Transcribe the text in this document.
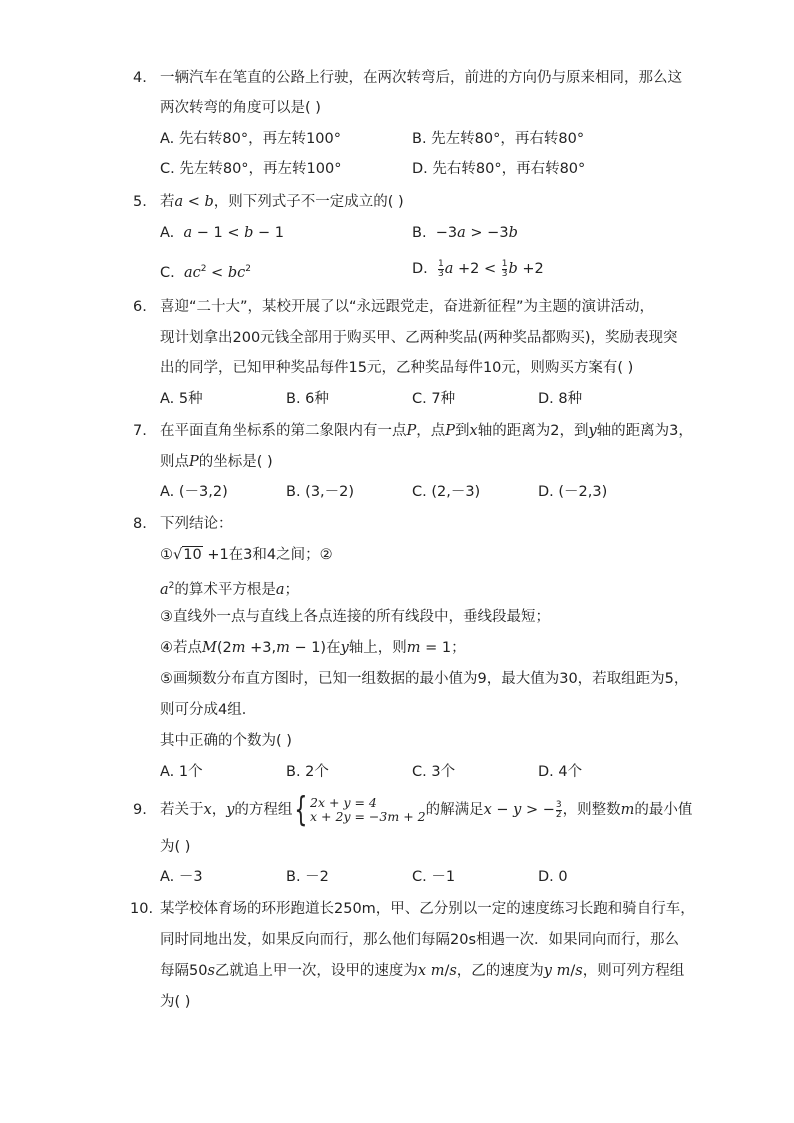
4. 一辆汽车在笔直的公路上行驶，在两次转弯后，前进的方向仍与原来相同，那么这
两次转弯的角度可以是( )
A. 先右转80°，再左转100°	B. 先左转80°，再右转80°
C. 先左转80°，再左转100°	D. 先右转80°，再右转80°
5. 若a < b，则下列式子不一定成立的( )
A. a − 1 < b − 1	B.  −3a > −3b
C. $ac^2 < bc^2$	D. $\frac{1}{3}$ $a +2 < \frac{1}{3}$ b +2
6. 喜迎“二十大”，某校开展了以“永远跟党走，奋进新征程”为主题的演讲活动，
现计划拿出200元钱全部用于购买甲、乙两种奖品(两种奖品都购买)，奖励表现突
出的同学，已知甲种奖品每件15元，乙种奖品每件10元，则购买方案有( )
A. 5种	B. 6种	C. 7种	D. 8种
7. 在平面直角坐标系的第二象限内有一点P，点P到x轴的距离为2，到y轴的距离为3，
则点P的坐标是( )
A. (－3,2)	B. (3,－2)	C. (2,－3)	D. (－2,3)
8. 下列结论：
①√10 +1在3和4之间；②
$a^2$的算术平方根是a；
③直线外一点与直线上各点连接的所有线段中，垂线段最短；
④若点M(2m +3,m − 1)在y轴上，则m = 1；
⑤画频数分布直方图时，已知一组数据的最小值为9，最大值为30，若取组距为5，
则可分成4组．
其中正确的个数为( )
A. 1个	B. 2个	C. 3个	D. 4个
9. 若关于x，y的方程组{ 2x + y = 4
x + 2y = −3m + 2 的解满足x − y > − $\frac{3}{2}$ ，则整数m的最小值
为( )
A. －3	B. －2	C. －1	D. 0
10. 某学校体育场的环形跑道长250m，甲、乙分别以一定的速度练习长跑和骑自行车，
同时同地出发，如果反向而行，那么他们每隔20s相遇一次．如果同向而行，那么
每隔50s乙就追上甲一次，设甲的速度为x m/s，乙的速度为y m/s，则可列方程组
为( )
